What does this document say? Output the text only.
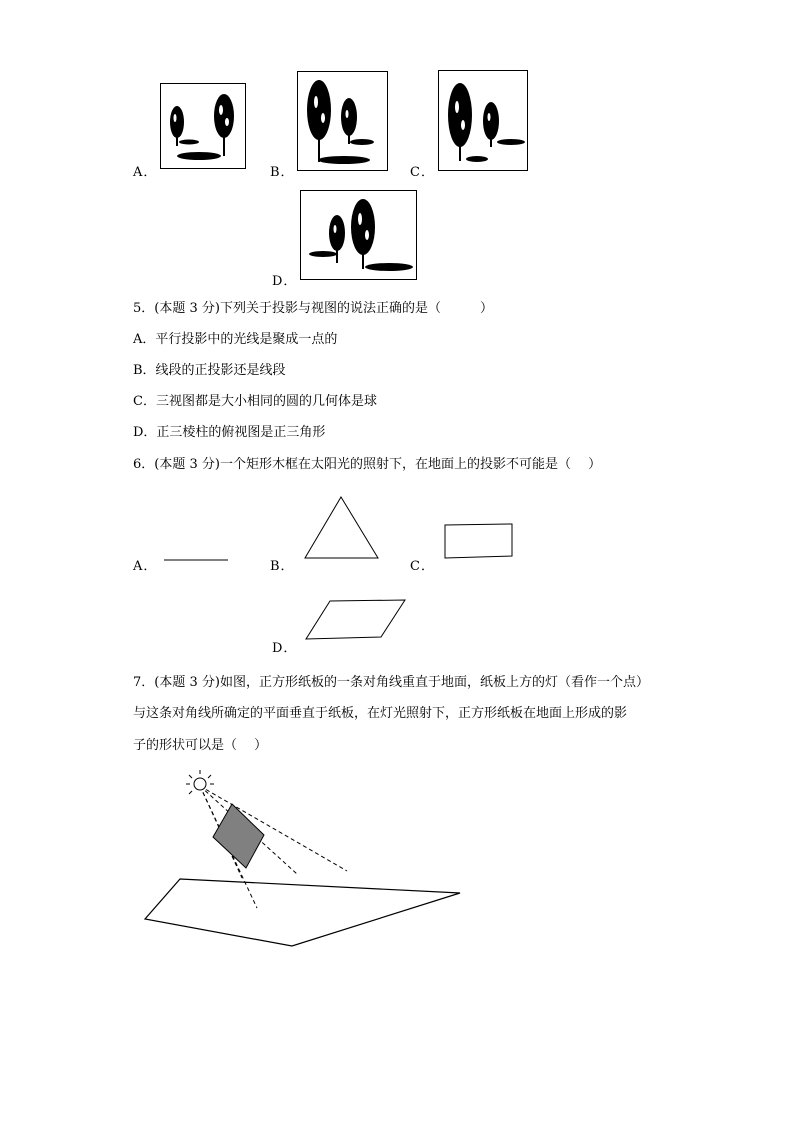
A．	B．	C．
D．
5．(本题 3 分)下列关于投影与视图的说法正确的是（　　　）
A．平行投影中的光线是聚成一点的
B．线段的正投影还是线段
C．三视图都是大小相同的圆的几何体是球
D．正三棱柱的俯视图是正三角形
6．(本题 3 分)一个矩形木框在太阳光的照射下，在地面上的投影不可能是（　 ）
A．	B．	C．
D．
7．(本题 3 分)如图，正方形纸板的一条对角线重直于地面，纸板上方的灯（看作一个点）
与这条对角线所确定的平面垂直于纸板，在灯光照射下，正方形纸板在地面上形成的影
子的形状可以是（　 ）
